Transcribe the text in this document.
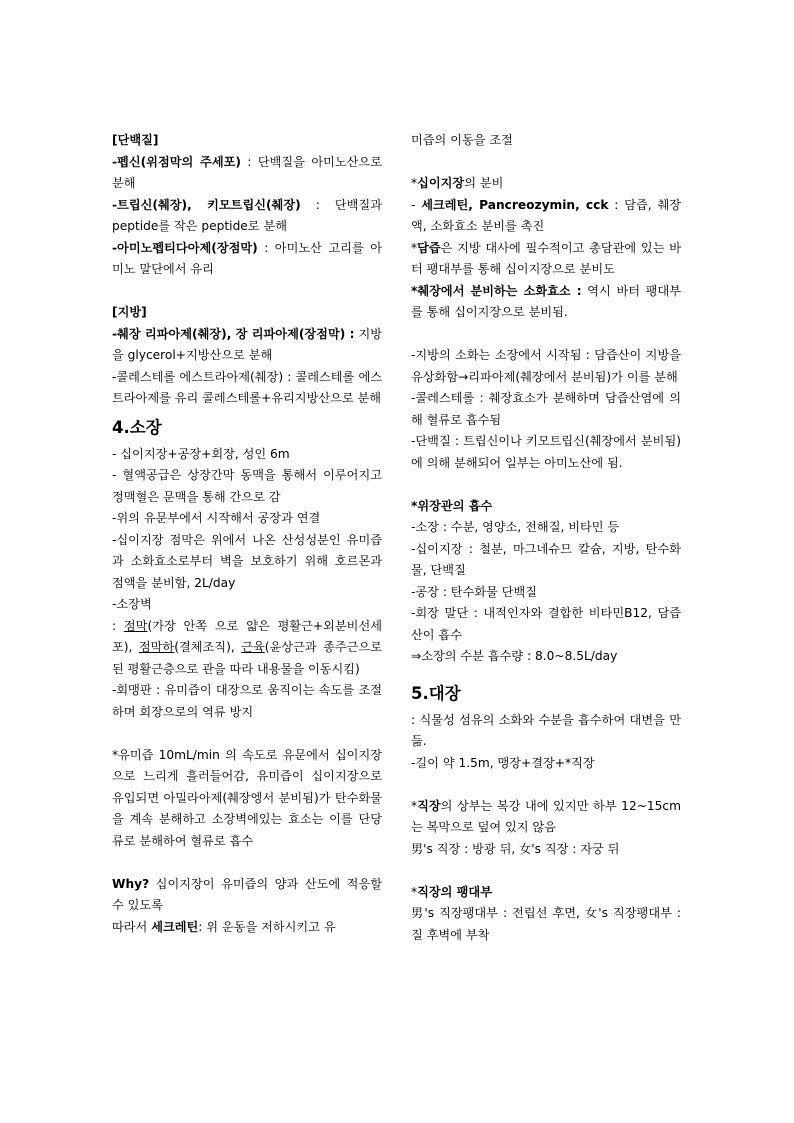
[단백질]

-펩신(위점막의 주세포) : 단백질을 아미노산으로 분해

-트립신(췌장), 키모트립신(췌장) : 단백질과 peptide를 작은 peptide로 분해

-아미노펩티다아제(장점막) : 아미노산 고리를 아미노 말단에서 유리

[지방]

-췌장 리파아제(췌장), 장 리파아제(장점막) : 지방을 glycerol+지방산으로 분해

-콜레스테롤 에스트라아제(췌장) : 콜레스테롤 에스트라아제를 유리 콜레스테롤+유리지방산으로 분해

4.소장

- 십이지장+공장+회장, 성인 6m

- 혈액공급은 상장간막 동맥을 통해서 이루어지고 정맥혈은 문맥을 통해 간으로 감

-위의 유문부에서 시작해서 공장과 연결

-십이지장 점막은 위에서 나온 산성성분인 유미즙과 소화효소로부터 벽을 보호하기 위해 호르몬과 점액을 분비함, 2L/day

-소장벽

: 점막(가장 안쪽 으로 얇은 평활근+외분비선세포), 점막하(결체조직), 근육(윤상근과 종주근으로 된 평활근층으로 관을 따라 내용물을 이동시킴)

-회맹판 : 유미즙이 대장으로 움직이는 속도를 조절하며 회장으로의 역류 방지

*유미즙 10mL/min 의 속도로 유문에서 십이지장으로 느리게 흘러들어감, 유미즙이 십이지장으로 유입되면 아밀라아제(췌장엥서 분비됨)가 탄수화물을 계속 분해하고 소장벽에있는 효소는 이를 단당류로 분해하여 혈류로 흡수

Why? 십이지장이 유미즙의 양과 산도에 적응할 수 있도록

따라서 세크레틴: 위 운동을 저하시키고 유

미즙의 이동을 조절

*십이지장의 분비

- 세크레틴, Pancreozymin, cck : 담즙, 췌장액, 소화효소 분비를 촉진

*담즙은 지방 대사에 필수적이고 총담관에 있는 바터 팽대부를 통해 십이지장으로 분비도

*췌장에서 분비하는 소화효소 : 역시 바터 팽대부를 통해 십이지장으로 분비됨.

-지방의 소화는 소장에서 시작됨 : 담즙산이 지방을 유상화함→리파아제(췌장에서 분비됨)가 이를 분해

-콜레스테롤 : 췌장효소가 분해하며 담즙산염에 의해 혈류로 흡수됨

-단백질 : 트립신이나 키모트립신(췌장에서 분비됨)에 의해 분해되어 일부는 아미노산에 됨.

*위장관의 흡수

-소장 : 수분, 영양소, 전해질, 비타민 등

-십이지장 : 철분, 마그네슈므 칼슘, 지방, 탄수화물, 단백질

-공장 : 탄수화물 단백질

-회장 말단 : 내적인자와 결합한 비타민B12, 담즙산이 흡수

⇒소장의 수분 흡수량 : 8.0~8.5L/day

5.대장

: 식물성 섬유의 소화와 수분을 흡수하여 대변을 만듦.

-길이 약 1.5m, 맹장+결장+*직장

*직장의 상부는 복강 내에 있지만 하부 12~15cm는 복막으로 덮여 있지 않음

男's 직장 : 방광 뒤, 女's 직장 : 자궁 뒤

*직장의 팽대부

男's 직장팽대부 : 전립선 후면, 女's 직장팽대부 : 질 후벽에 부착
